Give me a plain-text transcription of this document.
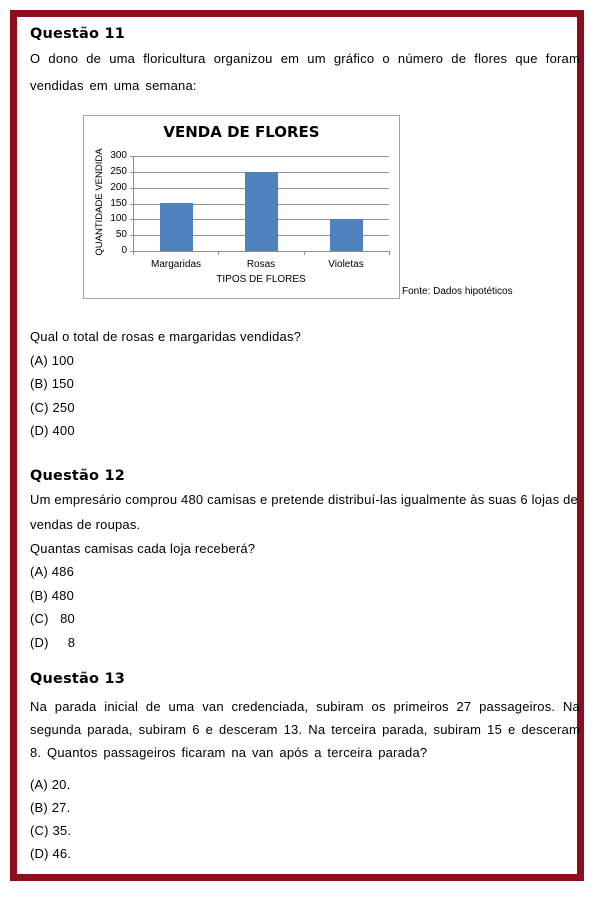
Questão 11

O dono de uma floricultura organizou em um gráfico o número de flores que foram vendidas em uma semana:

VENDA DE FLORES
QUANTIDADE VENDIDA
TIPOS DE FLORES
0
50
100
150
200
250
300
Margaridas	Rosas	Violetas
Fonte: Dados hipotéticos
Qual o total de rosas e margaridas vendidas?
(A) 100
(B) 150
(C) 250
(D) 400
Questão 12

Um empresário comprou 480 camisas e pretende distribuí-las igualmente às suas 6 lojas de vendas de roupas.

Quantas camisas cada loja receberá?
(A) 486
(B) 480
(C)   80
(D)     8
Questão 13

Na parada inicial de uma van credenciada, subiram os primeiros 27 passageiros. Na segunda parada, subiram 6 e desceram 13. Na terceira parada, subiram 15 e desceram 8. Quantos passageiros ficaram na van após a terceira parada?

(A) 20.
(B) 27.
(C) 35.
(D) 46.
